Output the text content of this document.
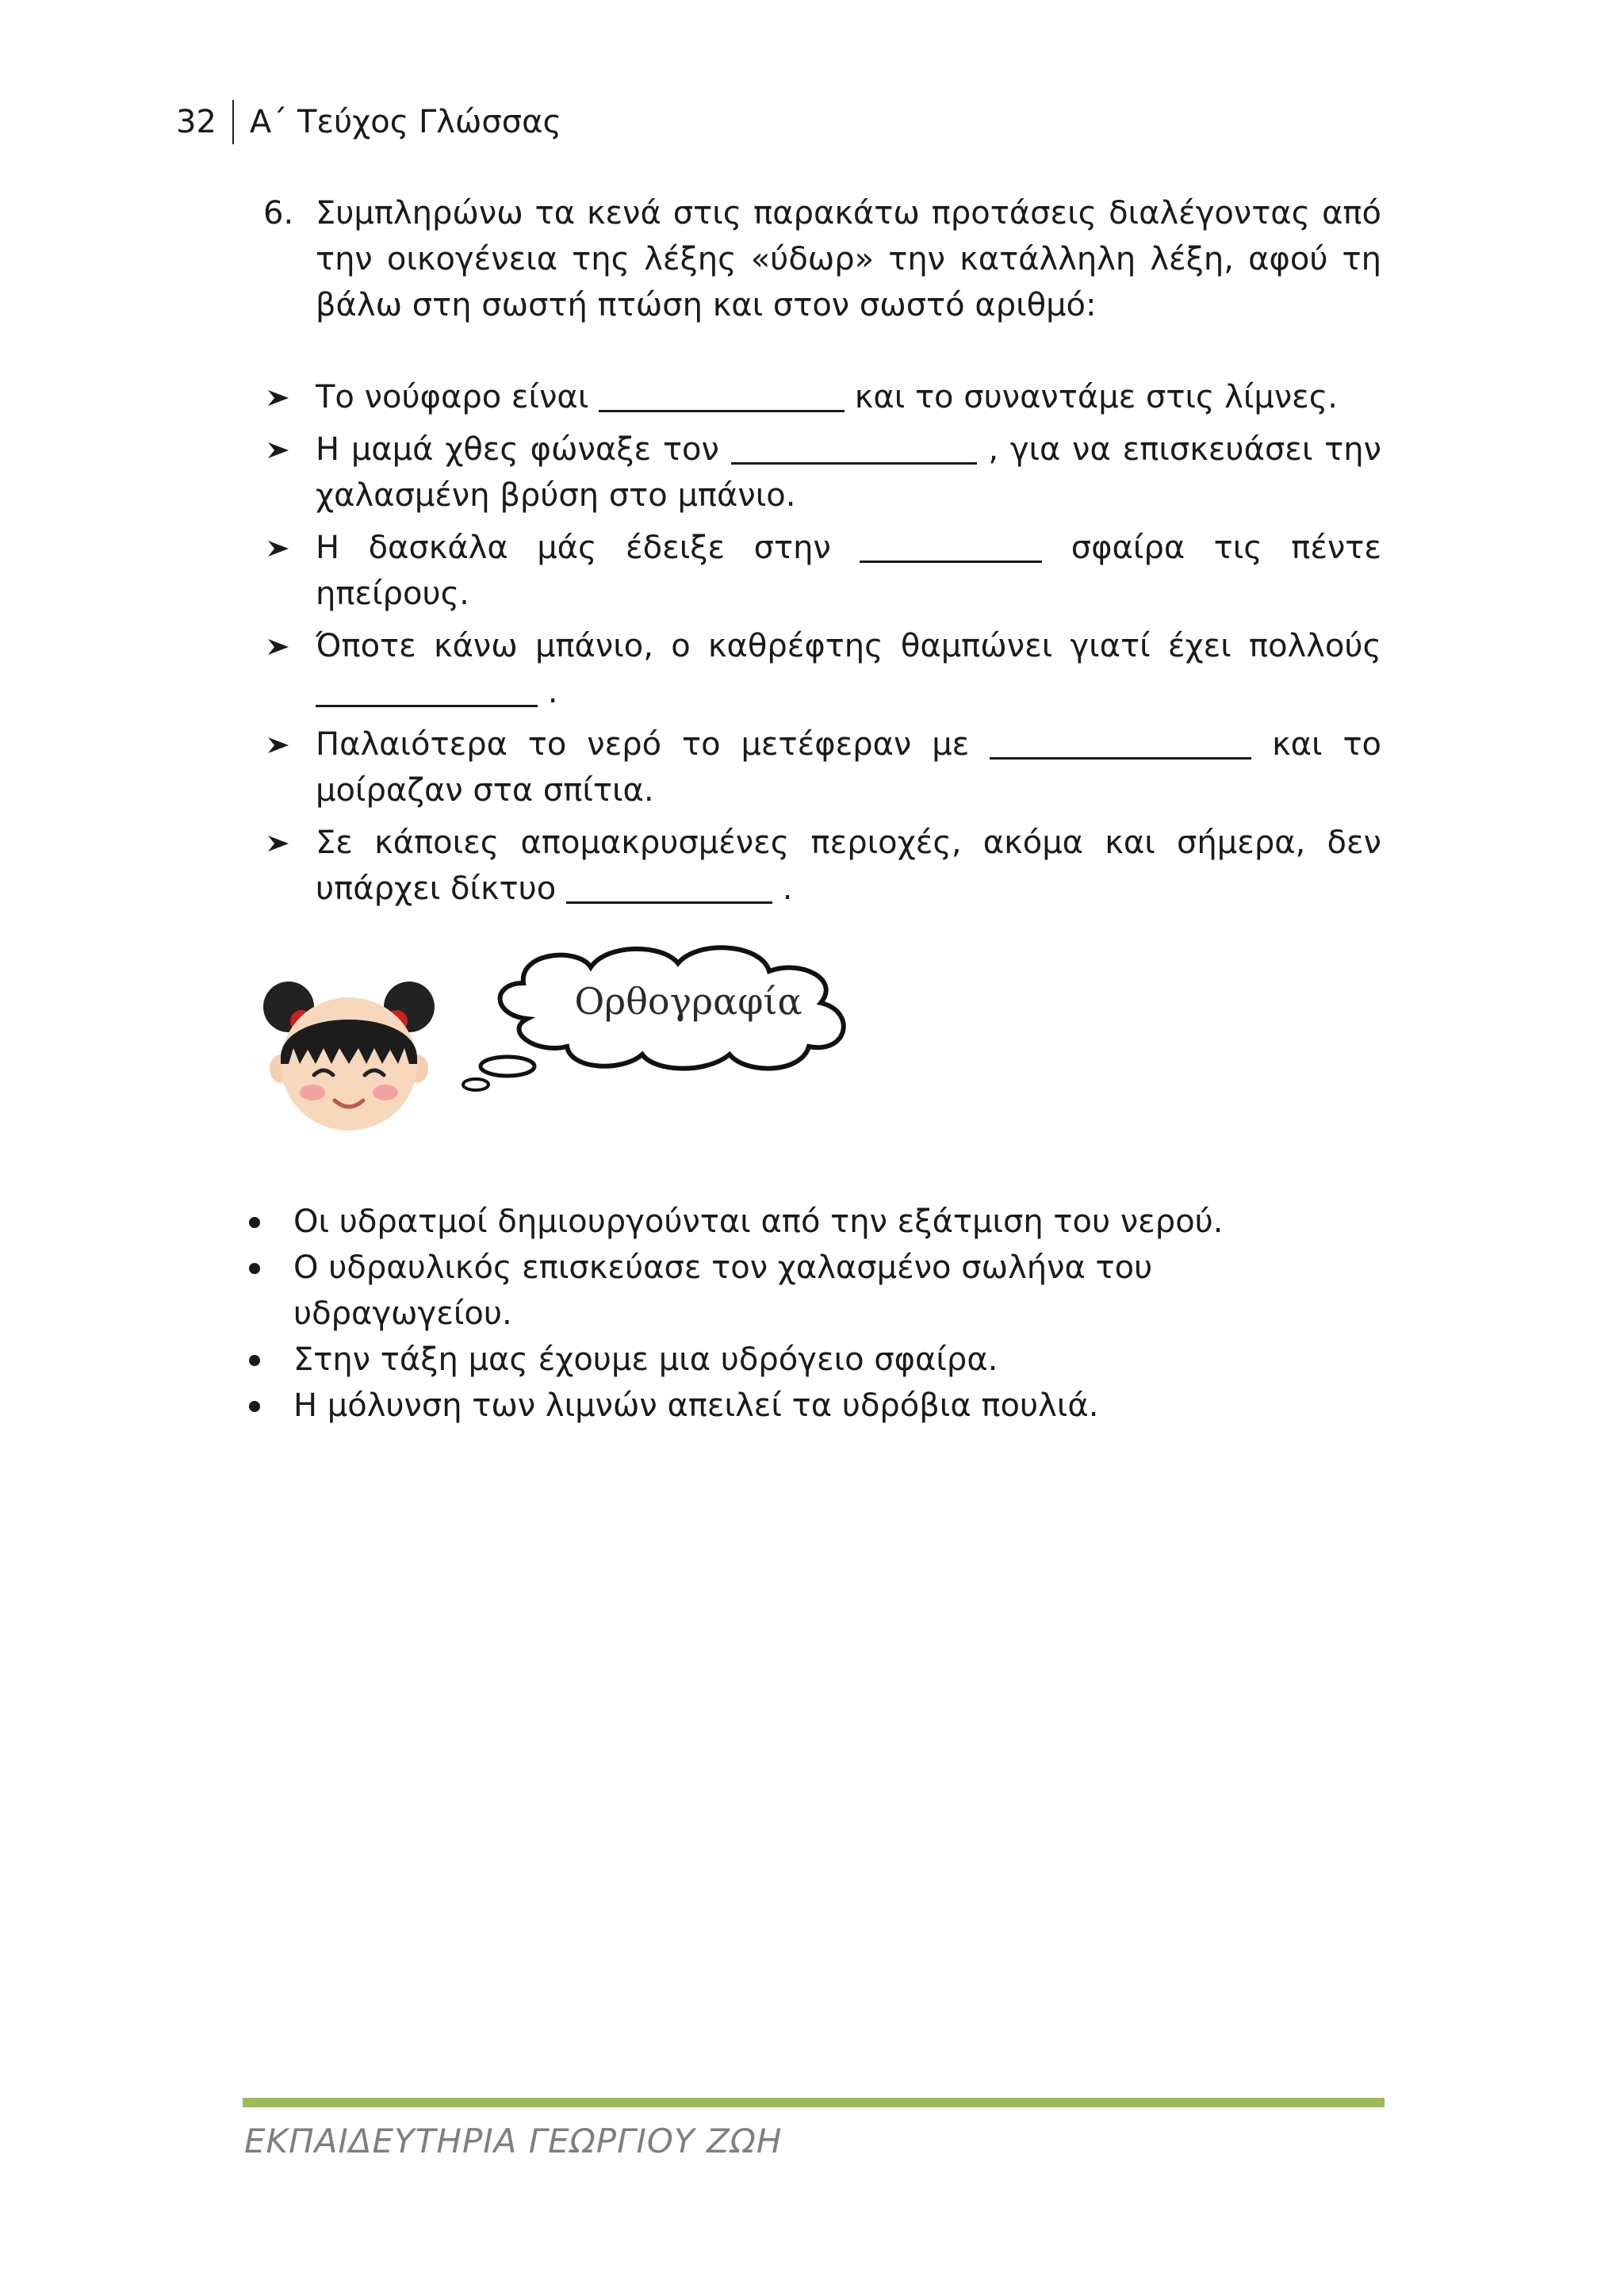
32	Α΄ Τεύχος Γλώσσας
6. Συμπληρώνω τα κενά στις παρακάτω προτάσεις διαλέγοντας από την οικογένεια της λέξης «ύδωρ» την κατάλληλη λέξη, αφού τη βάλω στη σωστή πτώση και στον σωστό αριθμό:
Το νούφαρο είναι	και το συναντάμε στις λίμνες.
Η μαμά χθες φώναξε τον	, για να επισκευάσει την χαλασμένη βρύση στο μπάνιο.
Η δασκάλα μάς έδειξε στην	σφαίρα τις πέντε ηπείρους.
Όποτε κάνω μπάνιο, ο καθρέφτης θαμπώνει γιατί έχει πολλούς  .
Παλαιότερα το νερό το μετέφεραν με	και το μοίραζαν στα σπίτια.
Σε κάποιες απομακρυσμένες περιοχές, ακόμα και σήμερα, δεν υπάρχει δίκτυο	.
Ορθογραφία
Οι υδρατμοί δημιουργούνται από την εξάτμιση του νερού.
Ο υδραυλικός επισκεύασε τον χαλασμένο σωλήνα του υδραγωγείου.
Στην τάξη μας έχουμε μια υδρόγειο σφαίρα.
Η μόλυνση των λιμνών απειλεί τα υδρόβια πουλιά.
ΕΚΠΑΙΔΕΥΤΗΡΙΑ ΓΕΩΡΓΙΟΥ ΖΩΗ
